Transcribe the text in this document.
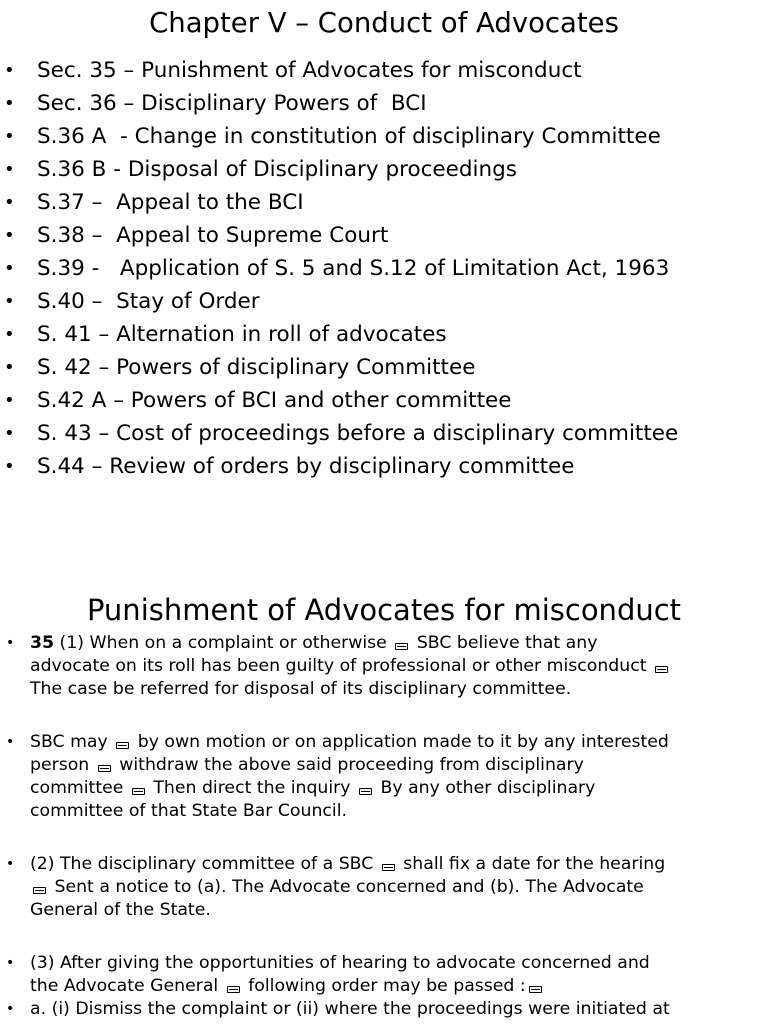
Chapter V – Conduct of Advocates
• Sec. 35 – Punishment of Advocates for misconduct
• Sec. 36 – Disciplinary Powers of  BCI
• S.36 A  - Change in constitution of disciplinary Committee
• S.36 B - Disposal of Disciplinary proceedings
• S.37 –  Appeal to the BCI
• S.38 –  Appeal to Supreme Court
• S.39 -   Application of S. 5 and S.12 of Limitation Act, 1963
• S.40 –  Stay of Order
• S. 41 – Alternation in roll of advocates
• S. 42 – Powers of disciplinary Committee
• S.42 A – Powers of BCI and other committee
• S. 43 – Cost of proceedings before a disciplinary committee
• S.44 – Review of orders by disciplinary committee
Punishment of Advocates for misconduct
• 35 (1) When on a complaint or otherwise  SBC believe that any
advocate on its roll has been guilty of professional or other misconduct
The case be referred for disposal of its disciplinary committee.
• SBC may  by own motion or on application made to it by any interested
person  withdraw the above said proceeding from disciplinary
committee  Then direct the inquiry  By any other disciplinary
committee of that State Bar Council.
• (2) The disciplinary committee of a SBC  shall fix a date for the hearing
Sent a notice to (a). The Advocate concerned and (b). The Advocate
General of the State.
• (3) After giving the opportunities of hearing to advocate concerned and
the Advocate General  following order may be passed :
• a. (i) Dismiss the complaint or (ii) where the proceedings were initiated at
